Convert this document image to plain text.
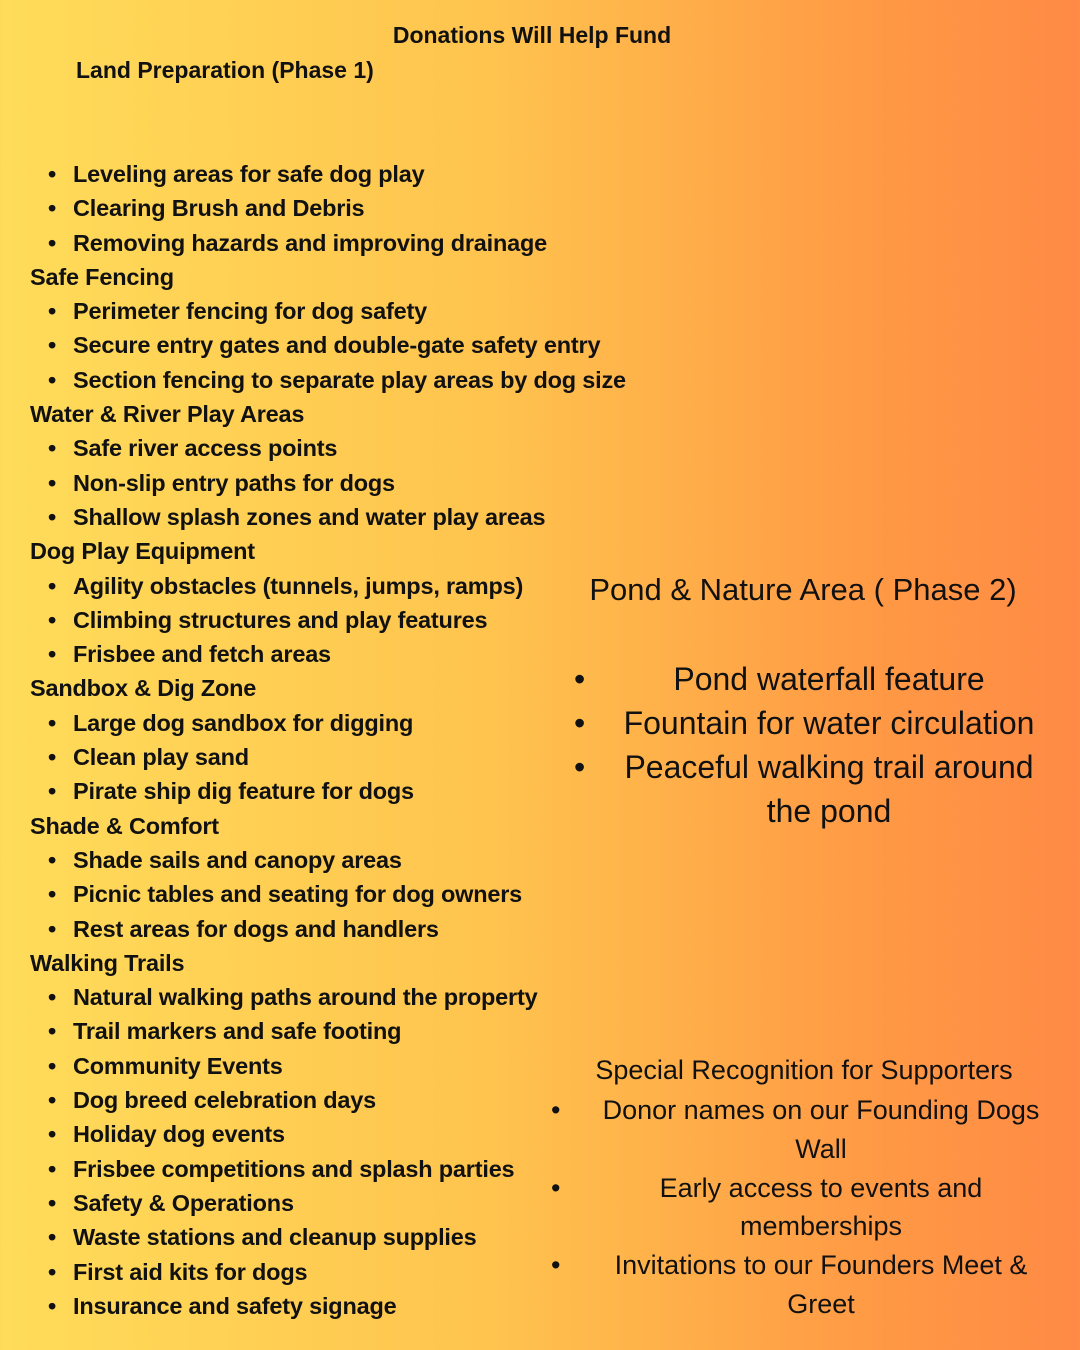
Donations Will Help Fund
Land Preparation (Phase 1)
• Leveling areas for safe dog play
• Clearing Brush and Debris
• Removing hazards and improving drainage
Safe Fencing
• Perimeter fencing for dog safety
• Secure entry gates and double-gate safety entry
• Section fencing to separate play areas by dog size
Water & River Play Areas
• Safe river access points
• Non-slip entry paths for dogs
• Shallow splash zones and water play areas
Dog Play Equipment
• Agility obstacles (tunnels, jumps, ramps)
• Climbing structures and play features
• Frisbee and fetch areas
Sandbox & Dig Zone
• Large dog sandbox for digging
• Clean play sand
• Pirate ship dig feature for dogs
Shade & Comfort
• Shade sails and canopy areas
• Picnic tables and seating for dog owners
• Rest areas for dogs and handlers
Walking Trails
• Natural walking paths around the property
• Trail markers and safe footing
• Community Events
• Dog breed celebration days
• Holiday dog events
• Frisbee competitions and splash parties
• Safety & Operations
• Waste stations and cleanup supplies
• First aid kits for dogs
• Insurance and safety signage
Pond & Nature Area ( Phase 2)
• Pond waterfall feature
• Fountain for water circulation
• Peaceful walking trail around the pond
Special Recognition for Supporters
• Donor names on our Founding Dogs Wall
• Early access to events and memberships
• Invitations to our Founders Meet & Greet
